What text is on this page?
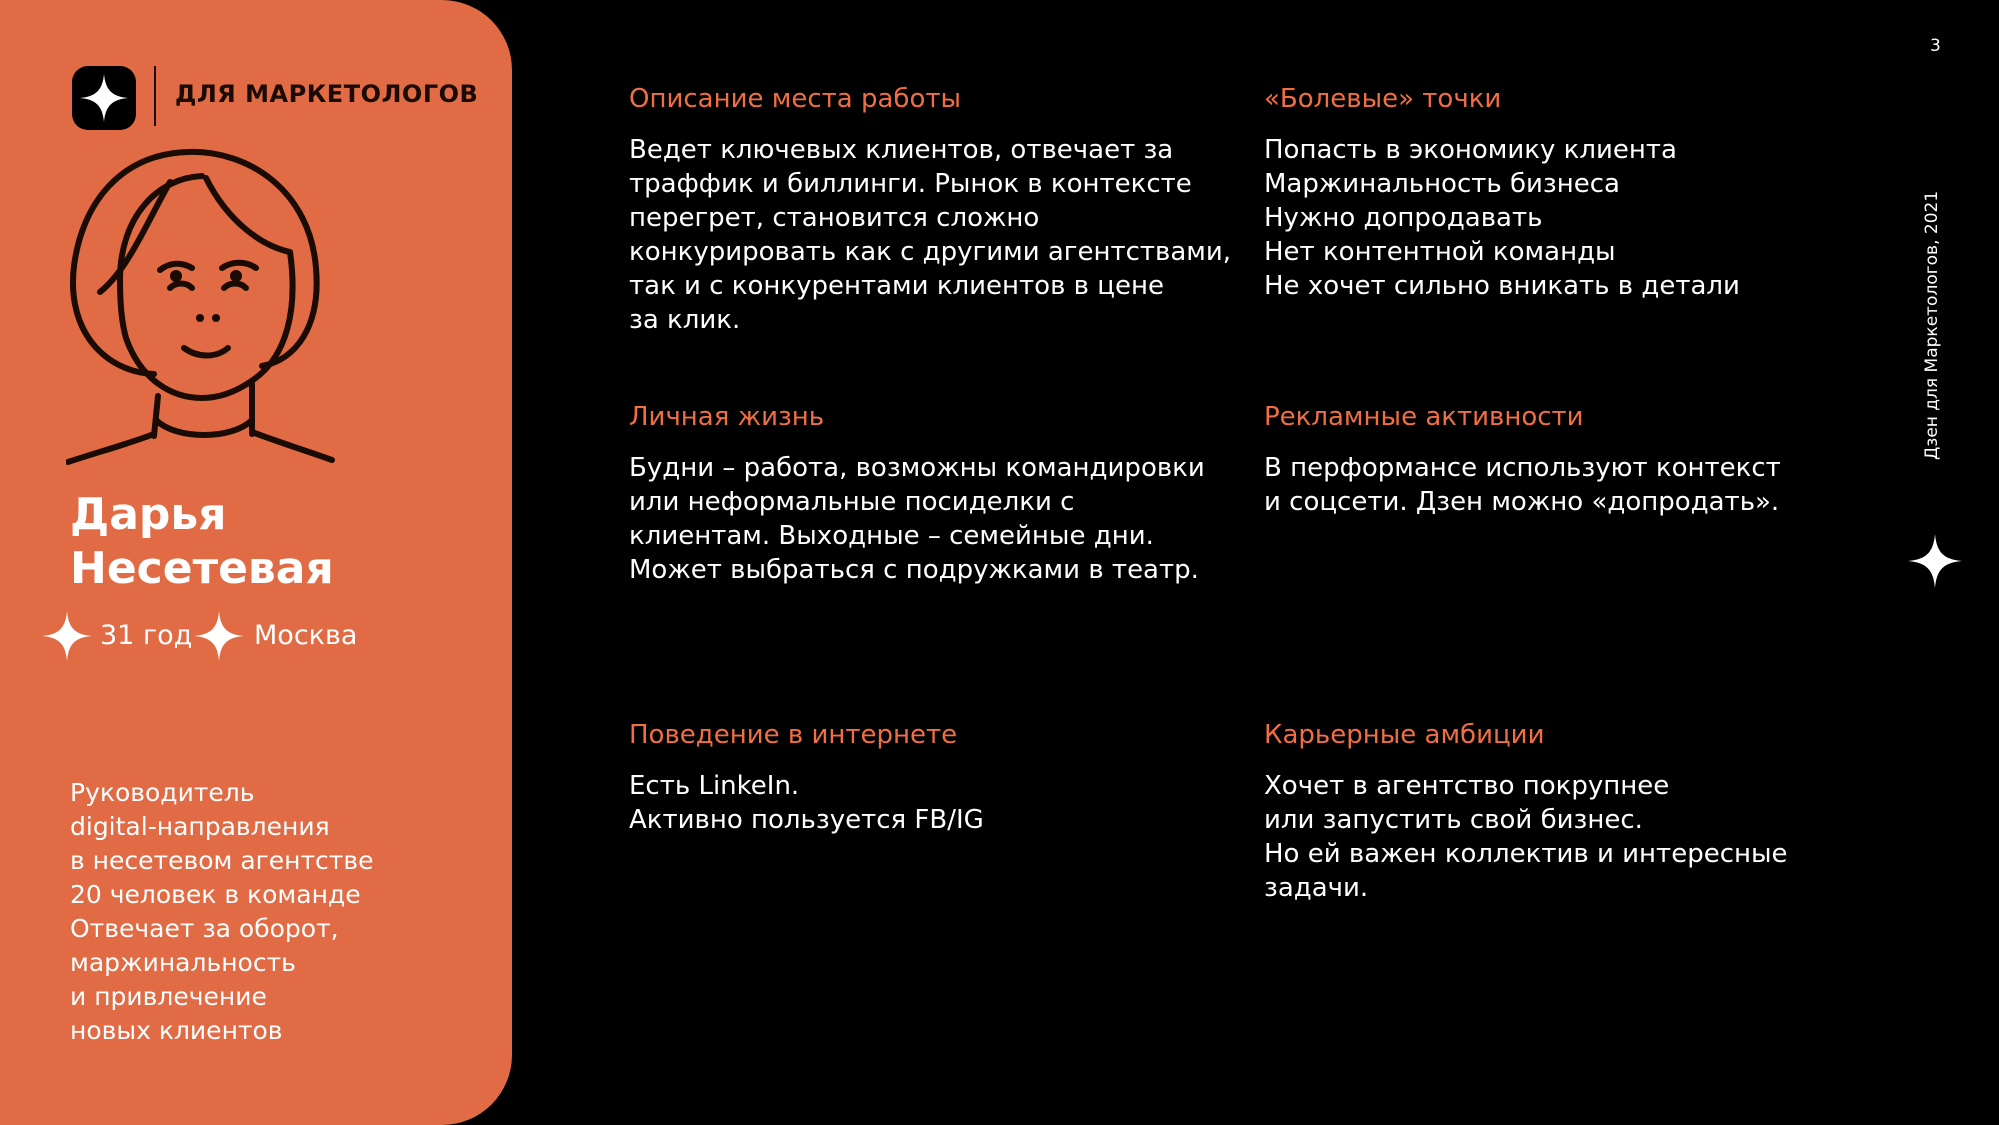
ДЛЯ МАРКЕТОЛОГОВ
Дарья
Несетевая
31 год Москва
Руководитель
digital-направления
в несетевом агентстве
20 человек в команде
Отвечает за оборот,
маржинальность
и привлечение
новых клиентов
Описание места работы
Ведет ключевых клиентов, отвечает за
траффик и биллинги. Рынок в контексте
перегрет, становится сложно
конкурировать как с другими агентствами,
так и с конкурентами клиентов в цене
за клик.
«Болевые» точки
Попасть в экономику клиента
Маржинальность бизнеса
Нужно допродавать
Нет контентной команды
Не хочет сильно вникать в детали
Личная жизнь
Будни – работа, возможны командировки
или неформальные посиделки с
клиентам. Выходные – семейные дни.
Может выбраться с подружками в театр.
Рекламные активности
В перформансе используют контекст
и соцсети. Дзен можно «допродать».
Поведение в интернете
Есть LinkeIn.
Активно пользуется FB/IG
Карьерные амбиции
Хочет в агентство покрупнее
или запустить свой бизнес.
Но ей важен коллектив и интересные
задачи.
3
Дзен для Маркетологов, 2021
